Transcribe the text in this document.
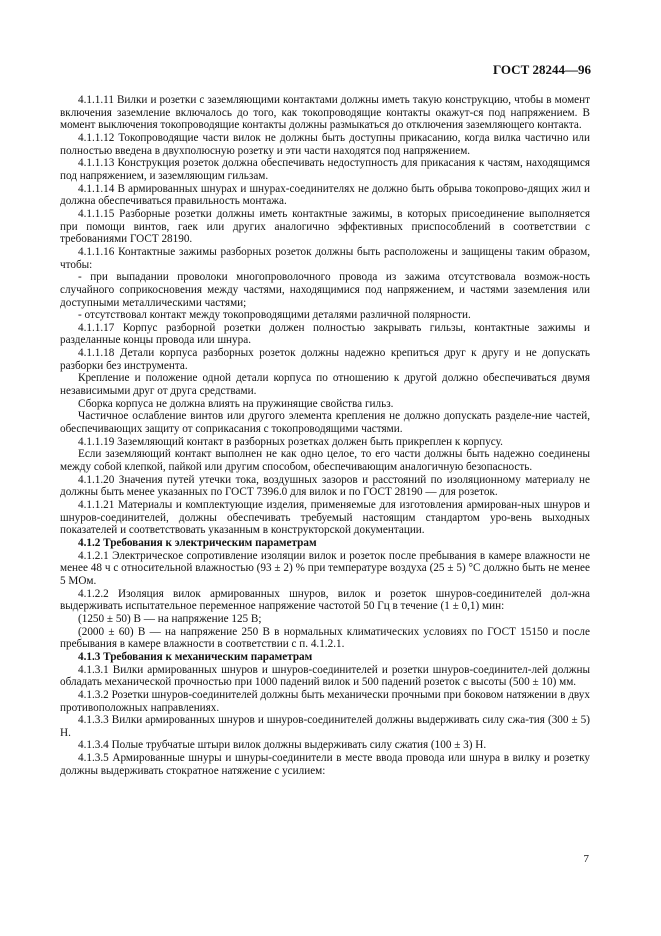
ГОСТ 28244—96

4.1.1.11 Вилки и розетки с заземляющими контактами должны иметь такую конструкцию, чтобы в момент включения заземление включалось до того, как токопроводящие контакты окажут-ся под напряжением. В момент выключения токопроводящие контакты должны размыкаться до отключения заземляющего контакта.

4.1.1.12 Токопроводящие части вилок не должны быть доступны прикасанию, когда вилка частично или полностью введена в двухполюсную розетку и эти части находятся под напряжением.

4.1.1.13 Конструкция розеток должна обеспечивать недоступность для прикасания к частям, находящимся под напряжением, и заземляющим гильзам.

4.1.1.14 В армированных шнурах и шнурах-соединителях не должно быть обрыва токопрово-дящих жил и должна обеспечиваться правильность монтажа.

4.1.1.15 Разборные розетки должны иметь контактные зажимы, в которых присоединение выполняется при помощи винтов, гаек или других аналогично эффективных приспособлений в соответствии с требованиями ГОСТ 28190.

4.1.1.16 Контактные зажимы разборных розеток должны быть расположены и защищены таким образом, чтобы:

- при выпадании проволоки многопроволочного провода из зажима отсутствовала возмож-ность случайного соприкосновения между частями, находящимися под напряжением, и частями заземления или доступными металлическими частями;

- отсутствовал контакт между токопроводящими деталями различной полярности.

4.1.1.17 Корпус разборной розетки должен полностью закрывать гильзы, контактные зажимы и разделанные концы провода или шнура.

4.1.1.18 Детали корпуса разборных розеток должны надежно крепиться друг к другу и не допускать разборки без инструмента.

Крепление и положение одной детали корпуса по отношению к другой должно обеспечиваться двумя независимыми друг от друга средствами.

Сборка корпуса не должна влиять на пружинящие свойства гильз.

Частичное ослабление винтов или другого элемента крепления не должно допускать разделе-ние частей, обеспечивающих защиту от соприкасания с токопроводящими частями.

4.1.1.19 Заземляющий контакт в разборных розетках должен быть прикреплен к корпусу.

Если заземляющий контакт выполнен не как одно целое, то его части должны быть надежно соединены между собой клепкой, пайкой или другим способом, обеспечивающим аналогичную безопасность.

4.1.1.20 Значения путей утечки тока, воздушных зазоров и расстояний по изоляционному материалу не должны быть менее указанных по ГОСТ 7396.0 для вилок и по ГОСТ 28190 — для розеток.

4.1.1.21 Материалы и комплектующие изделия, применяемые для изготовления армирован-ных шнуров и шнуров-соединителей, должны обеспечивать требуемый настоящим стандартом уро-вень выходных показателей и соответствовать указанным в конструкторской документации.

4.1.2 Требования к электрическим параметрам

4.1.2.1 Электрическое сопротивление изоляции вилок и розеток после пребывания в камере влажности не менее 48 ч с относительной влажностью (93 ± 2) % при температуре воздуха (25 ± 5) °С должно быть не менее 5 МОм.

4.1.2.2 Изоляция вилок армированных шнуров, вилок и розеток шнуров-соединителей дол-жна выдерживать испытательное переменное напряжение частотой 50 Гц в течение (1 ± 0,1) мин:

(1250 ± 50) В — на напряжение 125 В;

(2000 ± 60) В — на напряжение 250 В в нормальных климатических условиях по ГОСТ 15150 и после пребывания в камере влажности в соответствии с п. 4.1.2.1.

4.1.3 Требования к механическим параметрам

4.1.3.1 Вилки армированных шнуров и шнуров-соединителей и розетки шнуров-соединител-лей должны обладать механической прочностью при 1000 падений вилок и 500 падений розеток с высоты (500 ± 10) мм.

4.1.3.2 Розетки шнуров-соединителей должны быть механически прочными при боковом натяжении в двух противоположных направлениях.

4.1.3.3 Вилки армированных шнуров и шнуров-соединителей должны выдерживать силу сжа-тия (300 ± 5) Н.

4.1.3.4 Полые трубчатые штыри вилок должны выдерживать силу сжатия (100 ± 3) Н.

4.1.3.5 Армированные шнуры и шнуры-соединители в месте ввода провода или шнура в вилку и розетку должны выдерживать стократное натяжение с усилием:

7
